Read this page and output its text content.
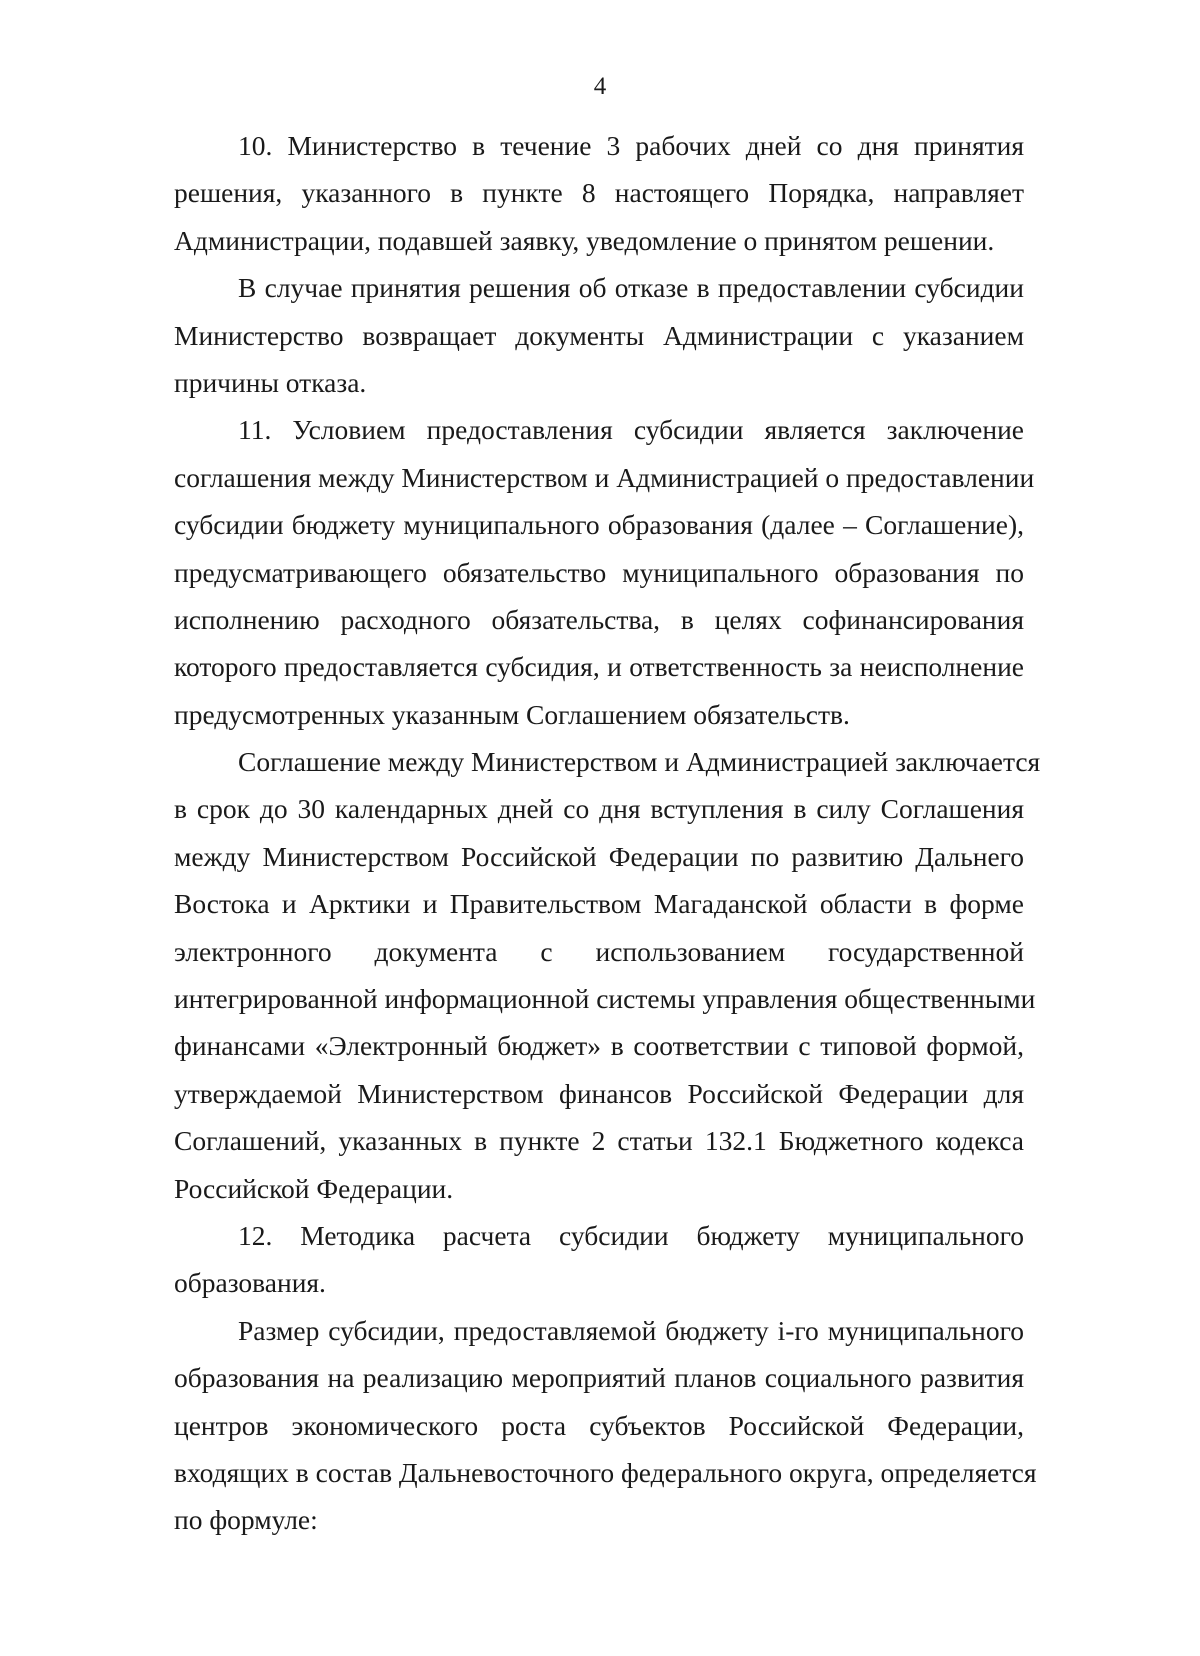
4
10. Министерство в течение 3 рабочих дней со дня принятия
решения, указанного в пункте 8 настоящего Порядка, направляет
Администрации, подавшей заявку, уведомление о принятом решении.
В случае принятия решения об отказе в предоставлении субсидии
Министерство возвращает документы Администрации с указанием
причины отказа.
11. Условием предоставления субсидии является заключение
соглашения между Министерством и Администрацией о предоставлении
субсидии бюджету муниципального образования (далее – Соглашение),
предусматривающего обязательство муниципального образования по
исполнению расходного обязательства, в целях софинансирования
которого предоставляется субсидия, и ответственность за неисполнение
предусмотренных указанным Соглашением обязательств.
Соглашение между Министерством и Администрацией заключается
в срок до 30 календарных дней со дня вступления в силу Соглашения
между Министерством Российской Федерации по развитию Дальнего
Востока и Арктики и Правительством Магаданской области в форме
электронного документа с использованием государственной
интегрированной информационной системы управления общественными
финансами «Электронный бюджет» в соответствии с типовой формой,
утверждаемой Министерством финансов Российской Федерации для
Соглашений, указанных в пункте 2 статьи 132.1 Бюджетного кодекса
Российской Федерации.
12. Методика расчета субсидии бюджету муниципального
образования.
Размер субсидии, предоставляемой бюджету i-го муниципального
образования на реализацию мероприятий планов социального развития
центров экономического роста субъектов Российской Федерации,
входящих в состав Дальневосточного федерального округа, определяется
по формуле:
